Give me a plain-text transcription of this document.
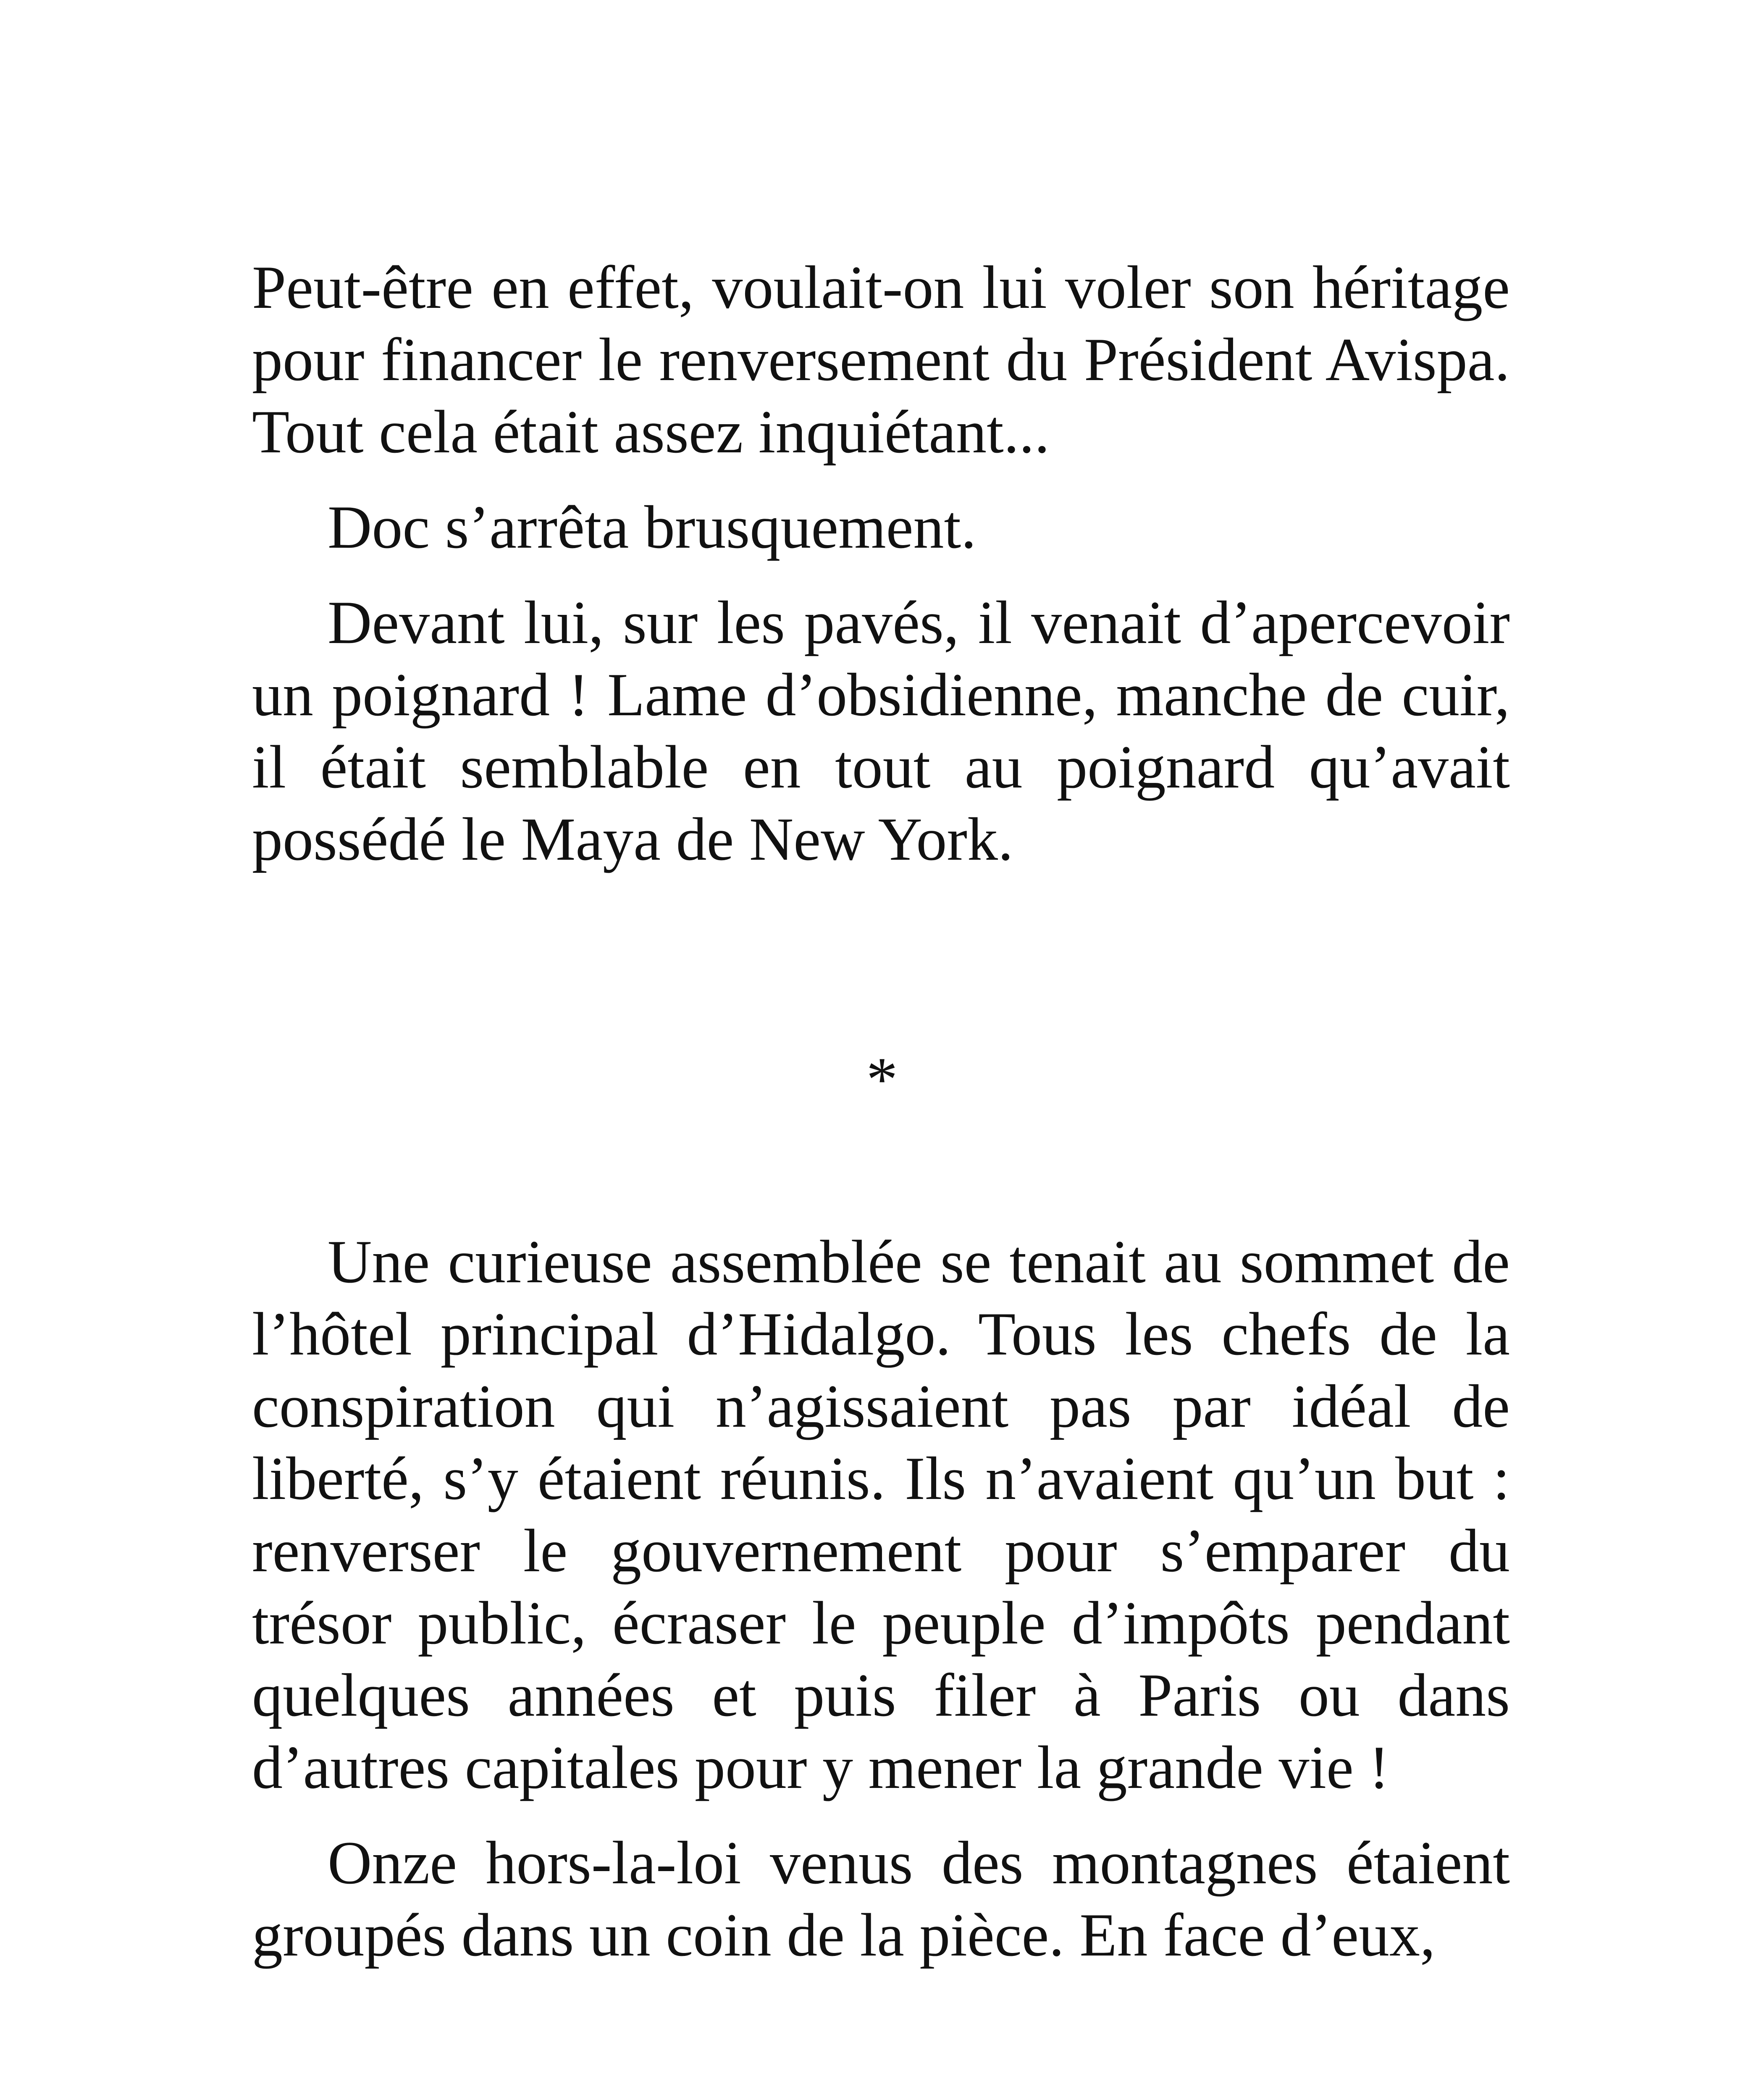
Peut-être en effet, voulait-on lui voler son héritage pour financer le renversement du Président Avispa. Tout cela était assez inquiétant...

Doc s’arrêta brusquement.

Devant lui, sur les pavés, il venait d’apercevoir un poignard ! Lame d’obsidienne, manche de cuir, il était semblable en tout au poignard qu’avait possédé le Maya de New York.

*

Une curieuse assemblée se tenait au sommet de l’hôtel principal d’Hidalgo. Tous les chefs de la conspiration qui n’agissaient pas par idéal de liberté, s’y étaient réunis. Ils n’avaient qu’un but : renverser le gouvernement pour s’emparer du trésor public, écraser le peuple d’impôts pendant quelques années et puis filer à Paris ou dans d’autres capitales pour y mener la grande vie !

Onze hors-la-loi venus des montagnes étaient groupés dans un coin de la pièce. En face d’eux,
